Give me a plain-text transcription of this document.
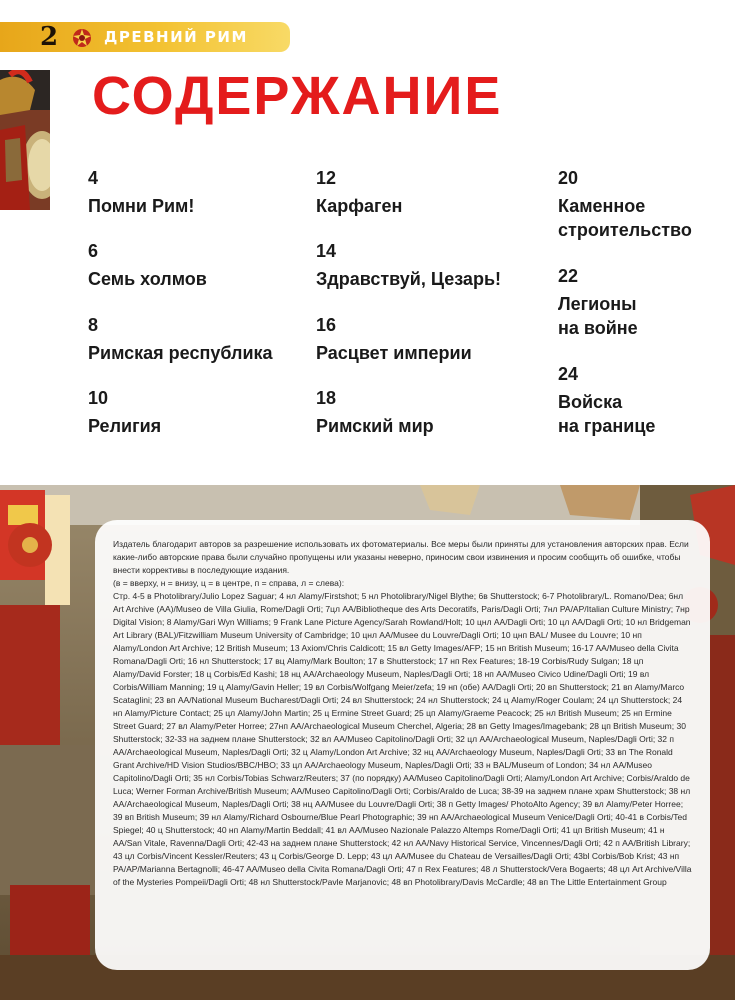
2	ДРЕВНИЙ РИМ
СОДЕРЖАНИЕ
4
Помни Рим!
6
Семь холмов
8
Римская республика
10
Религия
12
Карфаген
14
Здравствуй, Цезарь!
16
Расцвет империи
18
Римский мир
20
Каменное
строительство
22
Легионы
на войне
24
Войска
на границе

Издатель благодарит авторов за разрешение использовать их фотоматериалы. Все меры были приняты для установления авторских прав. Если какие-либо авторские права были случайно пропущены или указаны неверно, приносим свои извинения и просим сообщить об ошибке, чтобы внести коррективы в последующие издания.

(в = вверху, н = внизу, ц = в центре, п = справа, л = слева):

Стр. 4-5 в Photolibrary/Julio Lopez Saguar; 4 нл Alamy/Firstshot; 5 нл Photolibrary/Nigel Blythe; 6в Shutterstock; 6-7 Photolibrary/L. Romano/Dea; 6нл Art Archive (AA)/Museo de Villa Giulia, Rome/Dagli Orti; 7цл AA/Bibliotheque des Arts Decoratifs, Paris/Dagli Orti; 7нл PA/AP/Italian Culture Ministry; 7нр Digital Vision; 8 Alamy/Gari Wyn Williams; 9 Frank Lane Picture Agency/Sarah Rowland/Holt; 10 цнл AA/Dagli Orti; 10 цл AA/Dagli Orti; 10 нл Bridgeman Art Library (BAL)/Fitzwilliam Museum University of Cambridge; 10 цнл AA/Musee du Louvre/Dagli Orti; 10 цнп BAL/ Musee du Louvre; 10 нп Alamy/London Art Archive; 12 British Museum; 13 Axiom/Chris Caldicott; 15 вл Getty Images/AFP; 15 нп British Museum; 16-17 AA/Museo della Civita Romana/Dagli Orti; 16 нл Shutterstock; 17 вц Alamy/Mark Boulton; 17 в Shutterstock; 17 нп Rex Features; 18-19 Corbis/Rudy Sulgan; 18 цп Alamy/David Forster; 18 ц Corbis/Ed Kashi; 18 нц AA/Archaeology Museum, Naples/Dagli Orti; 18 нп AA/Museo Civico Udine/Dagli Orti; 19 вл Corbis/William Manning; 19 ц Alamy/Gavin Heller; 19 вл Corbis/Wolfgang Meier/zefa; 19 нп (обе) AA/Dagli Orti; 20 вп Shutterstock; 21 вп Alamy/Marco Scataglini; 23 вп AA/National Museum Bucharest/Dagli Orti; 24 вл Shutterstock; 24 нл Shutterstock; 24 ц Alamy/Roger Coulam; 24 цл Shutterstock; 24 нп Alamy/Picture Contact; 25 цл Alamy/John Martin; 25 ц Ermine Street Guard; 25 цп Alamy/Graeme Peacock; 25 нл British Museum; 25 нп Ermine Street Guard; 27 вл Alamy/Peter Horree; 27нп AA/Archaeological Museum Cherchel, Algeria; 28 вп Getty Images/Imagebank; 28 цп British Museum; 30 Shutterstock; 32-33 на заднем плане Shutterstock; 32 вл AA/Museo Capitolino/Dagli Orti; 32 цл AA/Archaeological Museum, Naples/Dagli Orti; 32 п AA/Archaeological Museum, Naples/Dagli Orti; 32 ц Alamy/London Art Archive; 32 нц AA/Archaeology Museum, Naples/Dagli Orti; 33 вп The Ronald Grant Archive/HD Vision Studios/BBC/HBO; 33 цл AA/Archaeology Museum, Naples/Dagli Orti; 33 н BAL/Museum of London; 34 нл AA/Museo Capitolino/Dagli Orti; 35 нл Corbis/Tobias Schwarz/Reuters; 37 (по порядку) AA/Museo Capitolino/Dagli Orti; Alamy/London Art Archive; Corbis/Araldo de Luca; Werner Forman Archive/British Museum; AA/Museo Capitolino/Dagli Orti; Corbis/Araldo de Luca; 38-39 на заднем плане храм Shutterstock; 38 нл AA/Archaeological Museum, Naples/Dagli Orti; 38 нц AA/Musee du Louvre/Dagli Orti; 38 п Getty Images/ PhotoAlto Agency; 39 вл Alamy/Peter Horree; 39 вп British Museum; 39 нл Alamy/Richard Osbourne/Blue Pearl Photographic; 39 нп AA/Archaeological Museum Venice/Dagli Orti; 40-41 в Corbis/Ted Spiegel; 40 ц Shutterstock; 40 нп Alamy/Martin Beddall; 41 вл AA/Museo Nazionale Palazzo Altemps Rome/Dagli Orti; 41 цп British Museum; 41 н AA/San Vitale, Ravenna/Dagli Orti; 42-43 на заднем плане Shutterstock; 42 нл AA/Navy Historical Service, Vincennes/Dagli Orti; 42 п AA/British Library; 43 цл Corbis/Vincent Kessler/Reuters; 43 ц Corbis/George D. Lepp; 43 цл AA/Musee du Chateau de Versailles/Dagli Orti; 43bl Corbis/Bob Krist; 43 нп PA/AP/Marianna Bertagnolli; 46-47 AA/Museo della Civita Romana/Dagli Orti; 47 п Rex Features; 48 л Shutterstock/Vera Bogaerts; 48 цл Art Archive/Villa of the Mysteries Pompeii/Dagli Orti; 48 нл Shutterstock/Pavle Marjanovic; 48 вп Photolibrary/Davis McCardle; 48 вп The Little Entertainment Group
